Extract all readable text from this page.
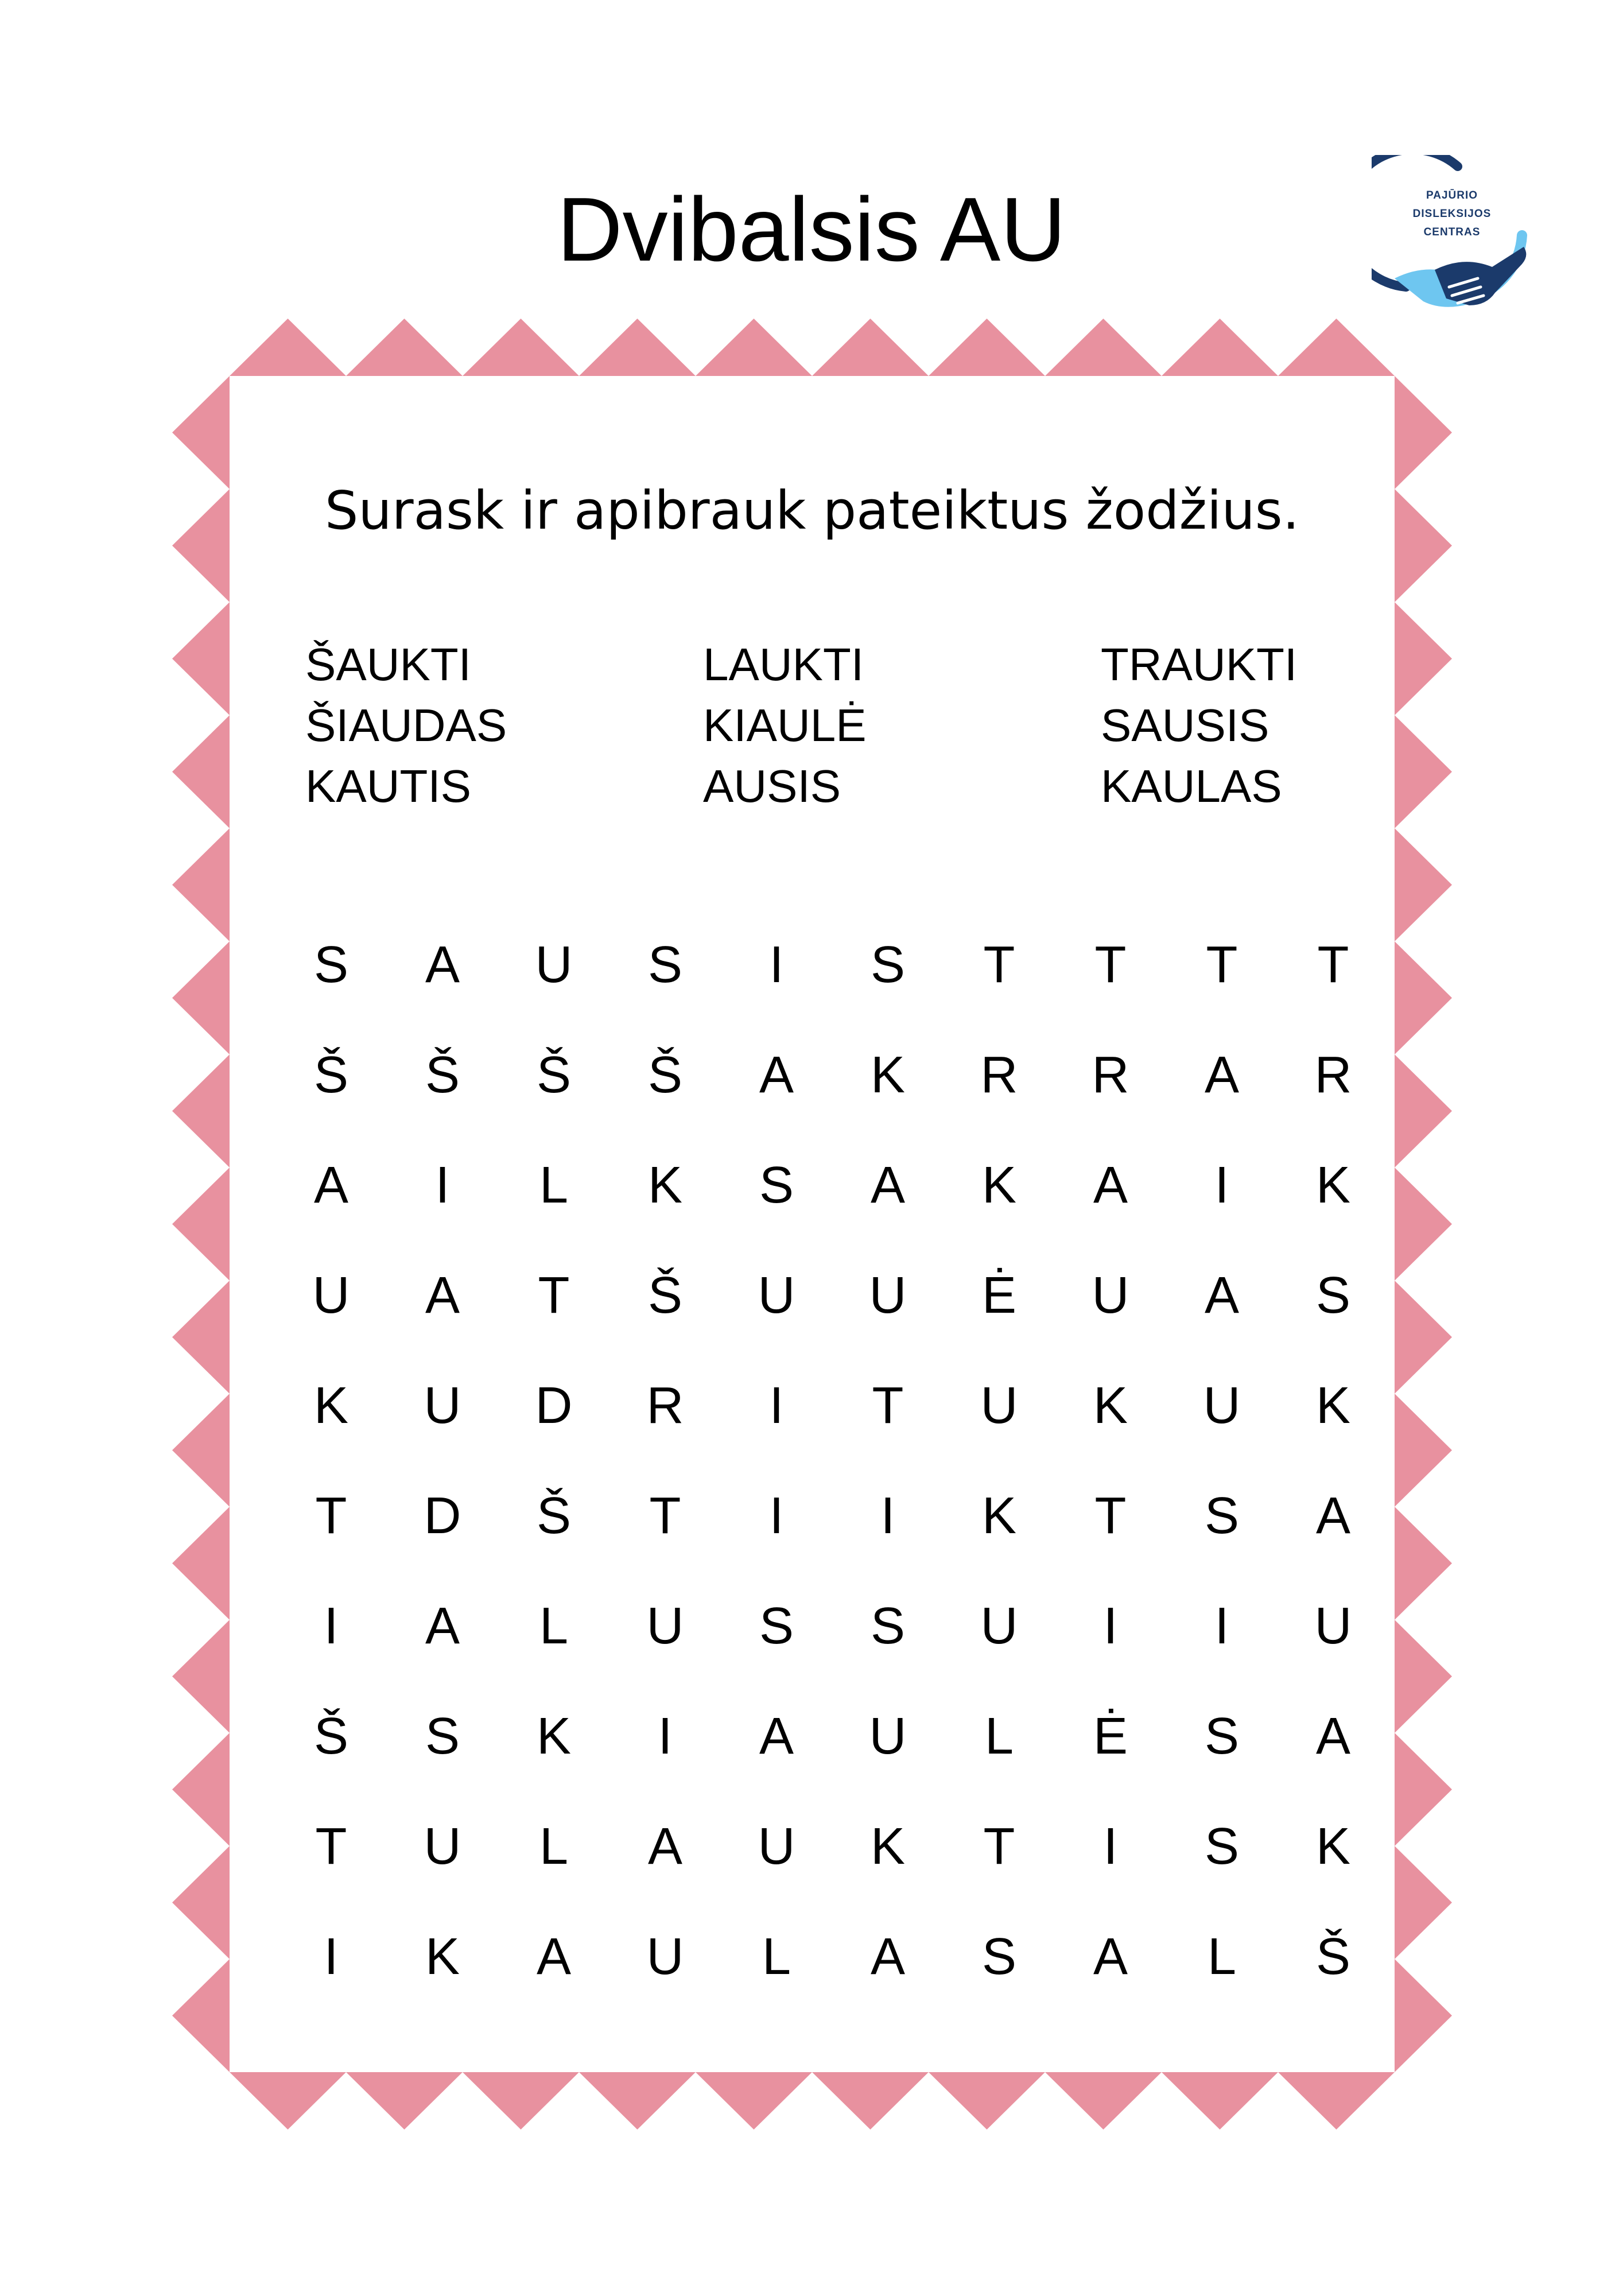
Dvibalsis AU	PAJŪRIO
DISLEKSIJOS
CENTRAS
Surask ir apibrauk pateiktus žodžius.
ŠAUKTI
ŠIAUDAS
KAUTIS
LAUKTI
KIAULĖ
AUSIS
TRAUKTI
SAUSIS
KAULAS
S	A	U	S	I	S	T	T	T	T
Š	Š	Š	Š	A	K	R	R	A	R
A	I	L	K	S	A	K	A	I	K
U	A	T	Š	U	U	Ė	U	A	S
K	U	D	R	I	T	U	K	U	K
T	D	Š	T	I	I	K	T	S	A
I	A	L	U	S	S	U	I	I	U
Š	S	K	I	A	U	L	Ė	S	A
T	U	L	A	U	K	T	I	S	K
I	K	A	U	L	A	S	A	L	Š
